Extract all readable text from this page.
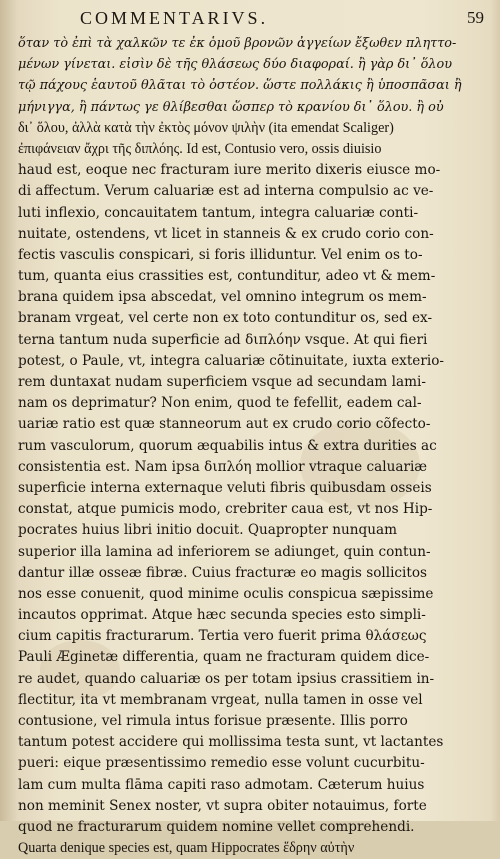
COMMENTARIVS.	59
ὅταν τὸ ἐπὶ τὰ χαλκῶν τε ἐκ ὁμοῦ βρονῶν ἀγγείων ἔξωθεν πληττο-
μένων γίνεται. εἰσὶν δὲ τῆς θλάσεως δύο διαφοραί. ἢ γὰρ δι᾽ ὅλου
τῷ πάχους ἑαυτοῦ θλᾶται τὸ ὀστέον. ὥστε πολλάκις ἢ ὑποσπᾶσαι ἢ
μήνιγγα, ἢ πάντως γε θλίβεσθαι ὥσπερ τὸ κρανίου δι᾽ ὅλου. ἢ οὐ
δι᾽ ὅλου, ἀλλὰ κατὰ τὴν ἐκτὸς μόνον ψιλὴν (ita emendat Scaliger)
ἐπιφάνειαν ἄχρι τῆς διπλόης. Id est, Contusio vero, ossis diuisio
haud est, eoque nec fracturam iure merito dixeris eiusce mo-
di affectum. Verum caluariæ est ad interna compulsio ac ve-
luti inflexio, concauitatem tantum, integra caluariæ conti-
nuitate, ostendens, vt licet in stanneis & ex crudo corio con-
fectis vasculis conspicari, si foris illiduntur. Vel enim os to-
tum, quanta eius crassities est, contunditur, adeo vt & mem-
brana quidem ipsa abscedat, vel omnino integrum os mem-
branam vrgeat, vel certe non ex toto contunditur os, sed ex-
terna tantum nuda superficie ad διπλόην vsque. At qui fieri
potest, o Paule, vt, integra caluariæ cõtinuitate, iuxta exterio-
rem duntaxat nudam superficiem vsque ad secundam lami-
nam os deprimatur? Non enim, quod te fefellit, eadem cal-
uariæ ratio est quæ stanneorum aut ex crudo corio cõfecto-
rum vasculorum, quorum æquabilis intus & extra durities ac
consistentia est. Nam ipsa διπλόη mollior vtraque caluariæ
superficie interna externaque veluti fibris quibusdam osseis
constat, atque pumicis modo, crebriter caua est, vt nos Hip-
pocrates huius libri initio docuit. Quapropter nunquam
superior illa lamina ad inferiorem se adiunget, quin contun-
dantur illæ osseæ fibræ. Cuius fracturæ eo magis sollicitos
nos esse conuenit, quod minime oculis conspicua sæpissime
incautos opprimat. Atque hæc secunda species esto simpli-
cium capitis fracturarum. Tertia vero fuerit prima θλάσεως
Pauli Æginetæ differentia, quam ne fracturam quidem dice-
re audet, quando caluariæ os per totam ipsius crassitiem in-
flectitur, ita vt membranam vrgeat, nulla tamen in osse vel
contusione, vel rimula intus forisue præsente. Illis porro
tantum potest accidere qui mollissima testa sunt, vt lactantes
pueri: eique præsentissimo remedio esse volunt cucurbitu-
lam cum multa flāma capiti raso admotam. Cæterum huius
non meminit Senex noster, vt supra obiter notauimus, forte
quod ne fracturarum quidem nomine vellet comprehendi.
Quarta denique species est, quam Hippocrates ἕδρην αὐτὴν
